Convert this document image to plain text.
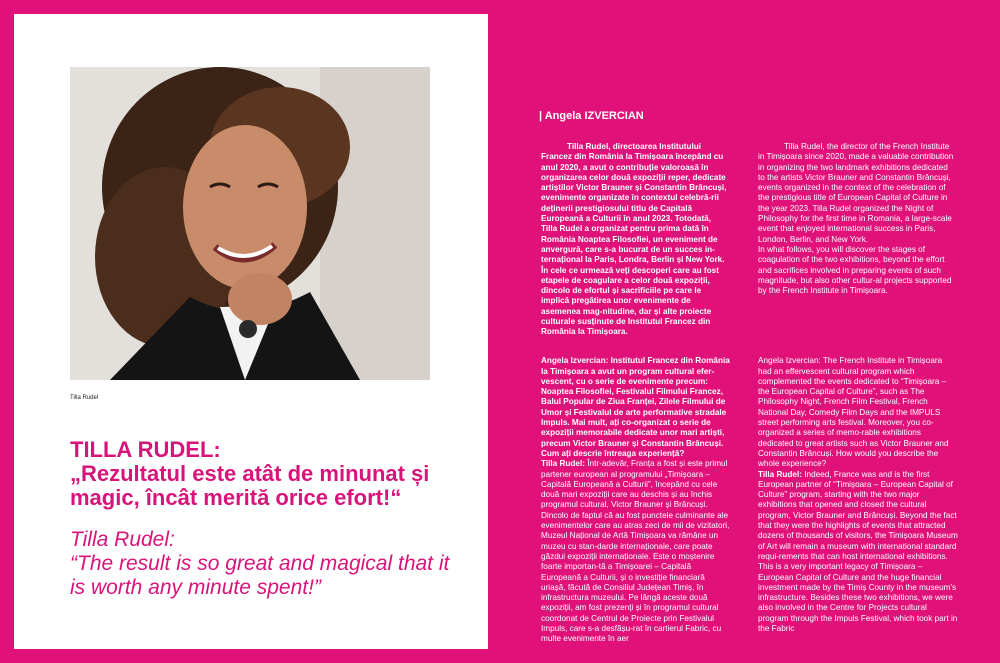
Tilla Rudel
TILLA RUDEL:
„Rezultatul este atât de minunat și magic, încât merită orice efort!“
Tilla Rudel:
“The result is so great and magical that it is worth any minute spent!”
| Angela IZVERCIAN
Tilla Rudel, directoarea Institutului Francez din România la Timișoara începând cu anul 2020, a avut o contribuție valoroasă în organizarea celor două expoziții reper, dedicate artiștilor Victor Brauner și Constantin Brâncuși, evenimente organizate în contextul celebră-rii deținerii prestigiosului titlu de Capitală Europeană a Culturii în anul 2023. Totodată, Tilla Rudel a organizat pentru prima dată în România Noaptea Filosofiei, un eveniment de anvergură, care s-a bucurat de un succes in-ternațional la Paris, Londra, Berlin și New York. În cele ce urmează veți descoperi care au fost etapele de coagulare a celor două expoziții, dincolo de efortul și sacrificiile pe care le implică pregătirea unor evenimente de asemenea mag-nitudine, dar și alte proiecte culturale susținute de Institutul Francez din România la Timișoara.
Tilla Rudel, the director of the French Institute in Timișoara since 2020, made a valuable contribution in organizing the two landmark exhibitions dedicated to the artists Victor Brauner and Constantin Brâncuși, events organized in the context of the celebration of the prestigious title of European Capital of Culture in the year 2023. Tilla Rudel organized the Night of Philosophy for the first time in Romania, a large-scale event that enjoyed international success in Paris, London, Berlin, and New York.
In what follows, you will discover the stages of coagulation of the two exhibitions, beyond the effort and sacrifices involved in preparing events of such magnitude, but also other cultur-al projects supported by the French Institute in Timișoara.

Angela Izvercian: Institutul Francez din România la Timișoara a avut un program cultural efer-vescent, cu o serie de evenimente precum: Noaptea Filosofiei, Festivalul Filmului Francez, Balul Popular de Ziua Franței, Zilele Filmului de Umor și Festivalul de arte performative stradale Impuls. Mai mult, ați co-organizat o serie de expoziții memorabile dedicate unor mari artiști, precum Victor Brauner și Constantin Brâncuși. Cum ați descrie întreaga experiență?
Tilla Rudel: Într-adevăr, Franța a fost și este primul partener european al programului „Timișoara – Capitală Europeană a Culturii”, începând cu cele două mari expoziții care au deschis și au închis programul cultural, Victor Brauner și Brâncuși. Dincolo de faptul că au fost punctele culminante ale evenimentelor care au atras zeci de mii de vizitatori, Muzeul Național de Artă Timișoara va rămâne un muzeu cu stan-darde internaționale, care poate găzdui expoziții internaționale. Este o moștenire foarte importan-tă a Timișoarei – Capitală Europeană a Culturii, și o investiție financiară uriașă, făcută de Consiliul Județean Timiș, în infrastructura muzeului. Pe lângă aceste două expoziții, am fost prezenți și în programul cultural coordonat de Centrul de Proiecte prin Festivalul Impuls, care s-a desfășu-rat în cartierul Fabric, cu multe evenimente în aer

Angela Izvercian: The French Institute in Timișoara had an effervescent cultural program which complemented the events dedicated to “Timișoara – the European Capital of Culture”, such as The Philosophy Night, French Film Festival, French National Day, Comedy Film Days and the IMPULS street performing arts festival. Moreover, you co-organized a series of memo-rable exhibitions dedicated to great artists such as Victor Brauner and Constantin Brâncuși. How would you describe the whole experience?
Tilla Rudel: Indeed, France was and is the first European partner of “Timișoara – European Capital of Culture” program, starting with the two major exhibitions that opened and closed the cultural program, Victor Brauner and Brâncuși. Beyond the fact that they were the highlights of events that attracted dozens of thousands of visitors, the Timișoara Museum of Art will remain a museum with international standard requi-rements that can host international exhibitions. This is a very important legacy of Timișoara – European Capital of Culture and the huge financial investment made by the Timiș County in the museum's infrastructure. Besides these two exhibitions, we were also involved in the Centre for Projects cultural program through the Impuls Festival, which took part in the Fabric
